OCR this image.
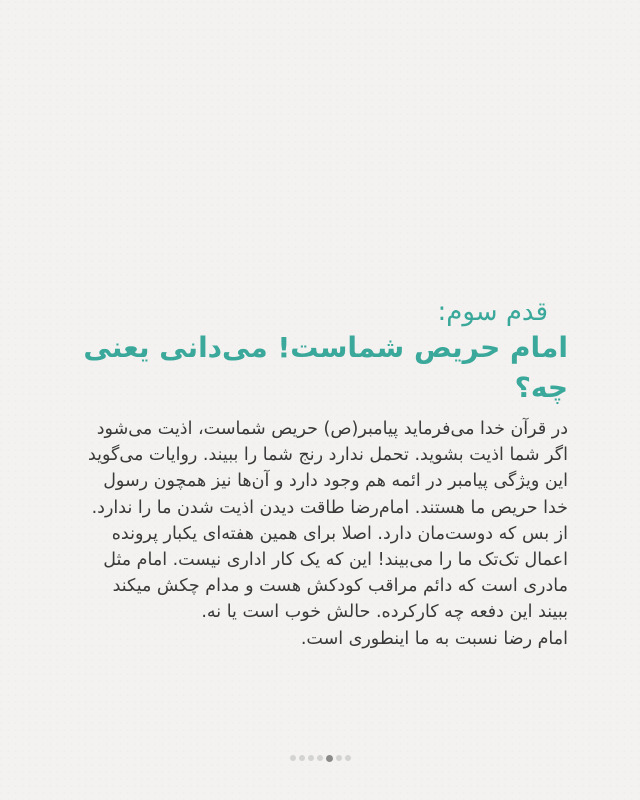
قدم سوم:

امام حریص شماست! می‌دانی یعنی چه؟
در قرآن خدا می‌فرماید پیامبر(ص) حریص شماست، اذیت می‌شود
اگر شما اذیت بشوید. تحمل ندارد رنج شما را ببیند. روایات می‌گوید
این ویژگی پیامبر در ائمه هم وجود دارد و آن‌ها نیز همچون رسول
خدا حریص ما هستند. امام‌رضا طاقت دیدن اذیت شدن ما را ندارد.
از بس که دوست‌مان دارد. اصلا برای همین هفته‌ای یکبار پرونده
اعمال تک‌تک ما را می‌بیند! این که یک کار اداری نیست. امام مثل
مادری است که دائم مراقب کودکش هست و مدام چکش میکند
ببیند این دفعه چه کارکرده. حالش خوب است یا نه.
امام رضا نسبت به ما اینطوری است.
